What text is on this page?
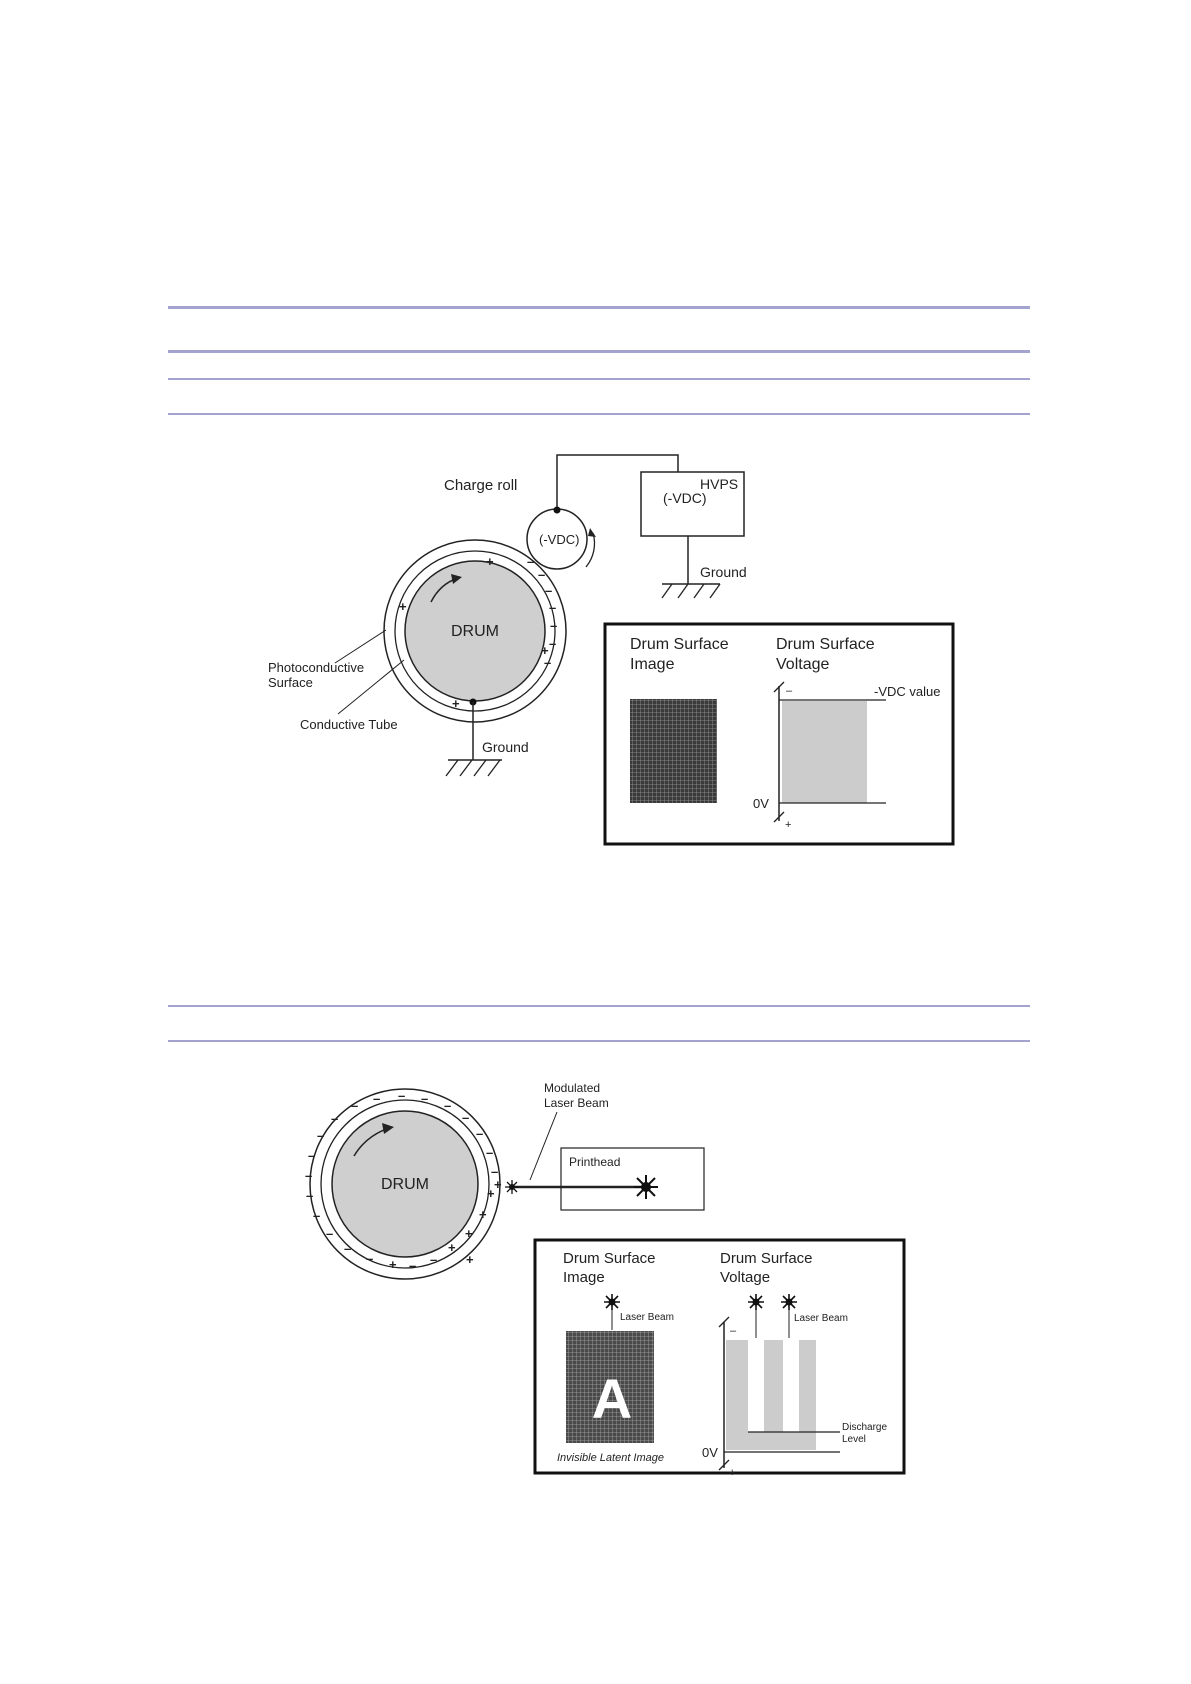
HVPS
(-VDC)
Ground
Charge roll
(-VDC)
DRUM
+	–
–
–
–
–
–
–
+
+
+
Ground
Photoconductive
Surface
Conductive Tube
Drum Surface
Image
Drum Surface
Voltage
–
+
-VDC value
0V
DRUM
– – –
–
–
–
–
–
–
–
–
–
–
–
–
–
–
– + – –
+
+
+
+
+
+
Modulated
Laser Beam
Printhead
Drum Surface
Image
Drum Surface
Voltage
A
Laser Beam
Invisible Latent Image
–
+
Discharge
Level
0V
Laser Beam
